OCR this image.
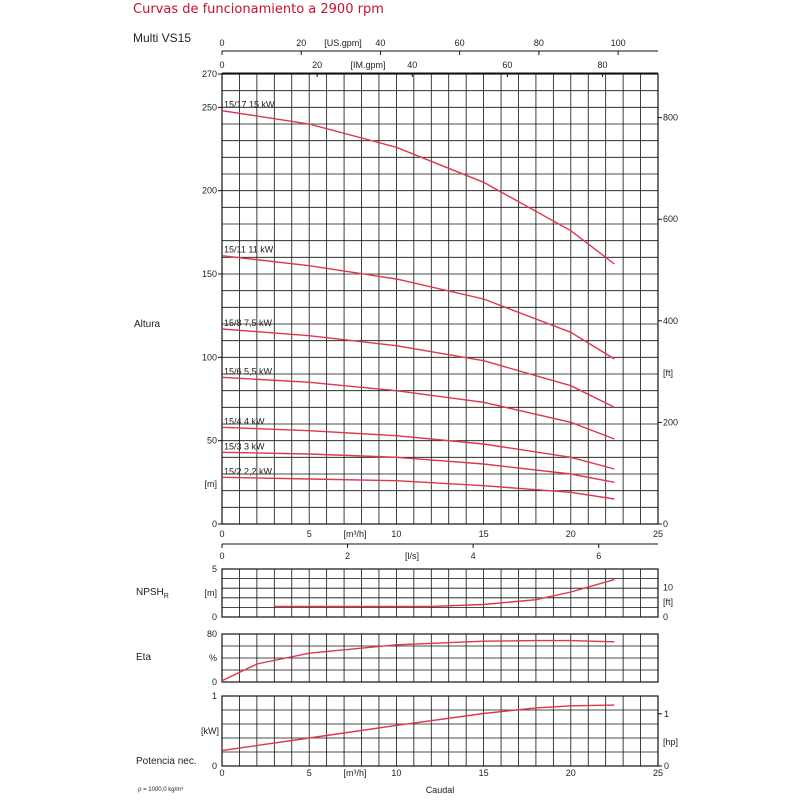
Curvas de funcionamiento a 2900 rpm
Multi VS15
Altura
$NPSH_R$
Eta
Potencia nec.
ρ = 1000,0 kg/m³
0	20	40	60	80	100
[US.gpm]
0	20	40	60	80
[IM.gpm]
0
50
100
150
200
250
270
[m]
0
200
400
600
800
[ft]
15/17 15 kW
15/11 11 kW
15/8 7,5 kW
15/6 5,5 kW
15/4 4 kW
15/3 3 kW
15/2 2,2 kW
0	5	10	15	20	25
[m³/h]
0	2	4	6
[l/s]
0
5
[m]
0
10
[ft]
0
80
%
0
1
[kW]
0
1
[hp]
0	5	10	15	20	25
[m³/h]
Caudal
